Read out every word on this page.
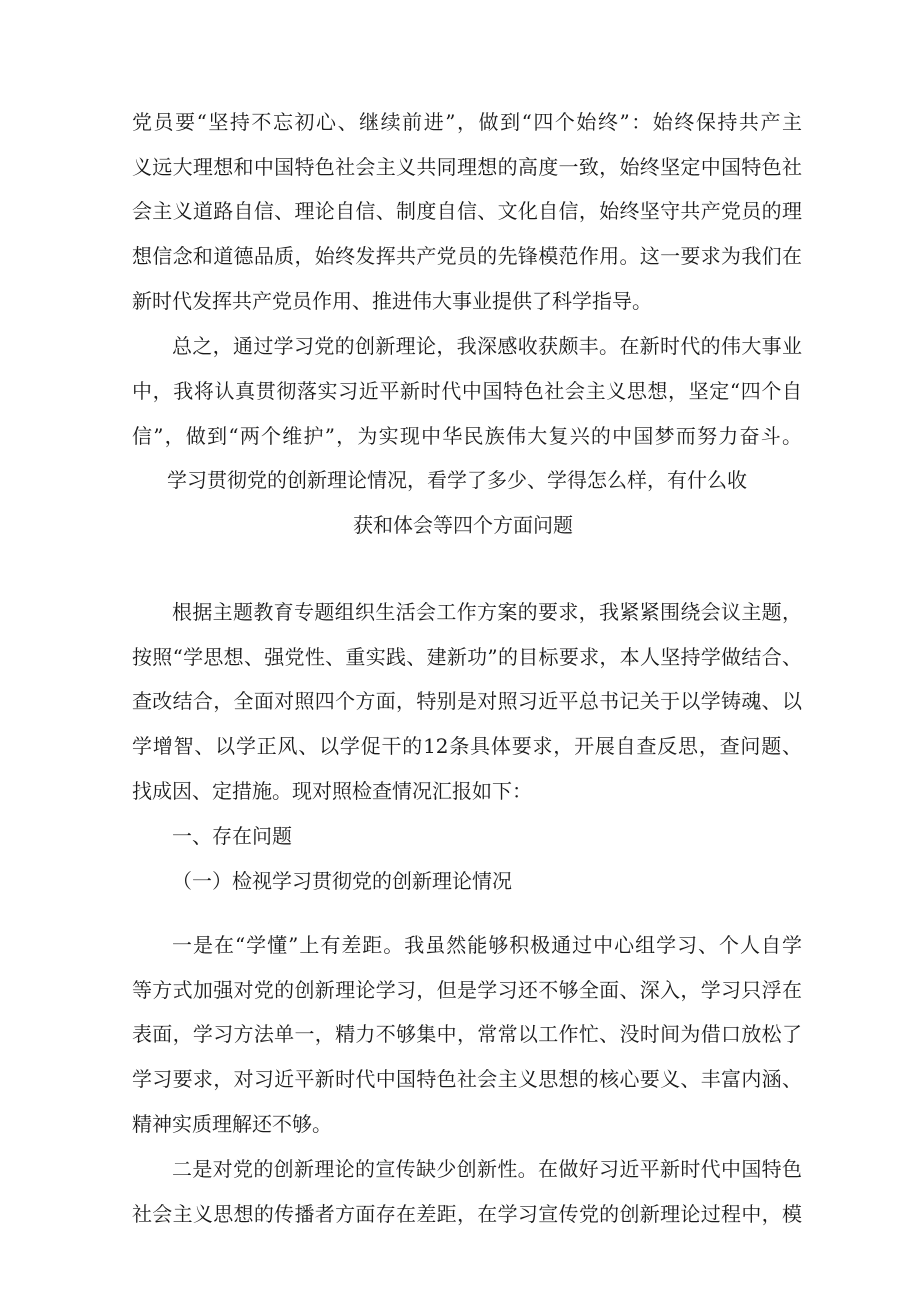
党员要“坚持不忘初心、继续前进”，做到“四个始终”：始终保持共产主
义远大理想和中国特色社会主义共同理想的高度一致，始终坚定中国特色社
会主义道路自信、理论自信、制度自信、文化自信，始终坚守共产党员的理
想信念和道德品质，始终发挥共产党员的先锋模范作用。这一要求为我们在
新时代发挥共产党员作用、推进伟大事业提供了科学指导。
总之，通过学习党的创新理论，我深感收获颇丰。在新时代的伟大事业
中，我将认真贯彻落实习近平新时代中国特色社会主义思想，坚定“四个自
信”，做到“两个维护”，为实现中华民族伟大复兴的中国梦而努力奋斗。
学习贯彻党的创新理论情况，看学了多少、学得怎么样，有什么收
获和体会等四个方面问题
根据主题教育专题组织生活会工作方案的要求，我紧紧围绕会议主题，
按照“学思想、强党性、重实践、建新功”的目标要求，本人坚持学做结合、
查改结合，全面对照四个方面，特别是对照习近平总书记关于以学铸魂、以
学增智、以学正风、以学促干的12条具体要求，开展自查反思，查问题、
找成因、定措施。现对照检查情况汇报如下：
一、存在问题
（一）检视学习贯彻党的创新理论情况
一是在“学懂”上有差距。我虽然能够积极通过中心组学习、个人自学
等方式加强对党的创新理论学习，但是学习还不够全面、深入，学习只浮在
表面，学习方法单一，精力不够集中，常常以工作忙、没时间为借口放松了
学习要求，对习近平新时代中国特色社会主义思想的核心要义、丰富内涵、
精神实质理解还不够。
二是对党的创新理论的宣传缺少创新性。在做好习近平新时代中国特色
社会主义思想的传播者方面存在差距，在学习宣传党的创新理论过程中，模
